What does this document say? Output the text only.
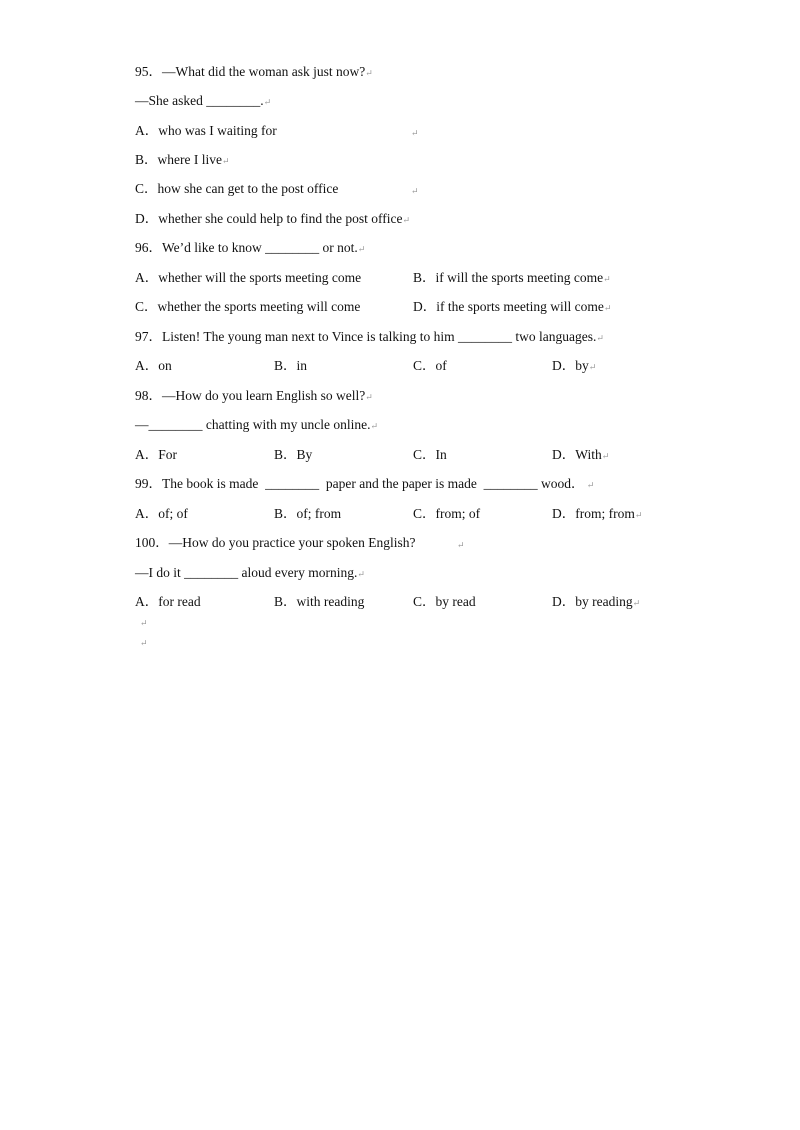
95．—What did the woman ask just now?↵
—She asked ________.↵
A．who was I waiting for	↵
B．where I live↵
C．how she can get to the post office	↵
D．whether she could help to find the post office↵
96．We’d like to know ________ or not.↵
A．whether will the sports meeting come	B．if will the sports meeting come↵
C．whether the sports meeting will come	D．if the sports meeting will come↵
97．Listen! The young man next to Vince is talking to him ________ two languages.↵
A．on	B．in	C．of	D．by↵
98．—How do you learn English so well?↵
—________ chatting with my uncle online.↵
A．For	B．By	C．In	D．With↵
99．The book is made  ________  paper and the paper is made  ________ wood． ↵
A．of; of	B．of; from	C．from; of	D．from; from↵
100．—How do you practice your spoken English?	↵
—I do it ________ aloud every morning.↵
A．for read	B．with reading	C．by read	D．by reading↵
↵
↵
